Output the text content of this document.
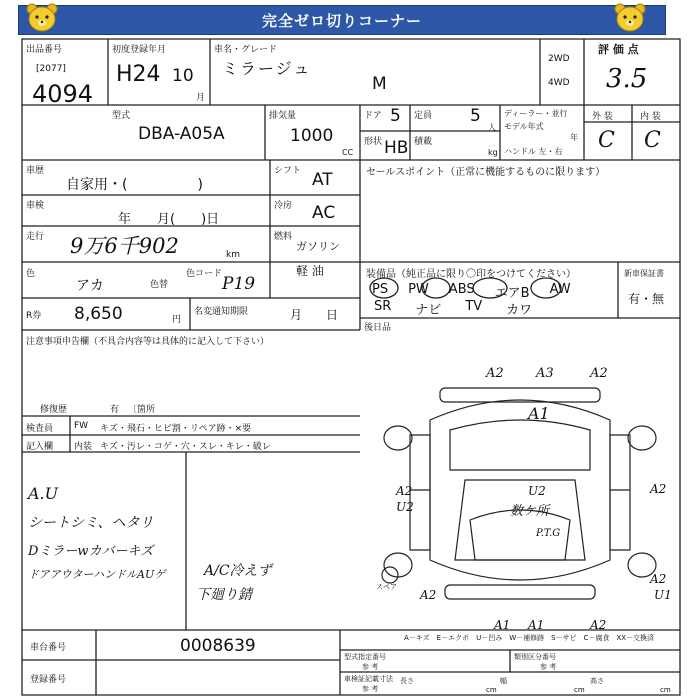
完全ゼロ切りコーナー
出品番号
[2077]
4094
初度登録年月
H24 10
月
車名・グレード
ミラージュ
M
2WD
4WD
評 価 点
3.5
型式
DBA-A05A
排気量
1000
CC
ドア 5 定員 5
人
形状 HB 積載
kg
ディーラー・並行
モデル年式
年
ハンドル 左・右
外 装	内 装
C C
車歴
自家用・(　　　　　)
シフト AT	セールスポイント（正常に機能するものに限ります）
車検
年　　月(　　)日
冷房 AC
走行 9万6千902	km
燃料
ガソリン
軽 油
色
アカ	色替
色コード P19	装備品（純正品に限り〇印をつけてください）
PS PW ABS エアB AW
SR ナビ TV カワ
新車保証書
有・無
後日品
R券 8,650	円
名変通知期限	月　　日
注意事項申告欄（不具合内容等は具体的に記入して下さい）
修復歴	有 〔箇所
検査員
記入欄
FW キズ・飛石・ヒビ割・リペア跡・×要
内装 キズ・汚レ・コゲ・穴・スレ・キレ・破レ
A.U
シートシミ、ヘタリ
Dミラーwカバーキズ
ドアアウターハンドルAUゲ	A/C冷えず
下廻り錆
A2 A3	A2
A1
A2
U2
A2
U2
数ケ所
P.T.G
A2
A2
U1
A1 A1	A2
スペア
A－キズ　E－エクボ　U－凹み　W－補修跡　S－サビ　C－腐食　XX－交換済
車台番号	0008639
登録番号
型式指定番号
参 考
類別区分番号
参 考
車検証記載寸法
参 考
長さ
cm
幅
cm
高さ
cm
